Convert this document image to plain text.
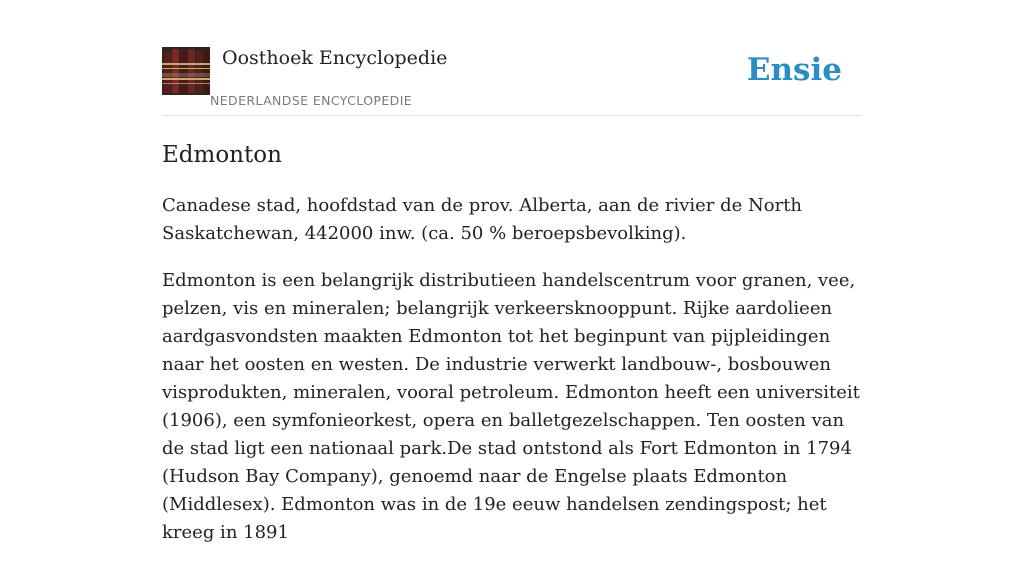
Oosthoek Encyclopedie
NEDERLANDSE ENCYCLOPEDIE
Ensie
Edmonton

Canadese stad, hoofdstad van de prov. Alberta, aan de rivier de North Saskatchewan, 442000 inw. (ca. 50 % beroepsbevolking).

Edmonton is een belangrijk distributieen handelscentrum voor granen, vee, pelzen, vis en mineralen; belangrijk verkeersknooppunt. Rijke aardolieen aardgasvondsten maakten Edmonton tot het beginpunt van pijpleidingen naar het oosten en westen. De industrie verwerkt landbouw-, bosbouwen visprodukten, mineralen, vooral petroleum. Edmonton heeft een universiteit (1906), een symfonieorkest, opera en balletgezelschappen. Ten oosten van de stad ligt een nationaal park.De stad ontstond als Fort Edmonton in 1794 (Hudson Bay Company), genoemd naar de Engelse plaats Edmonton (Middlesex). Edmonton was in de 19e eeuw handelsen zendingspost; het kreeg in 1891
